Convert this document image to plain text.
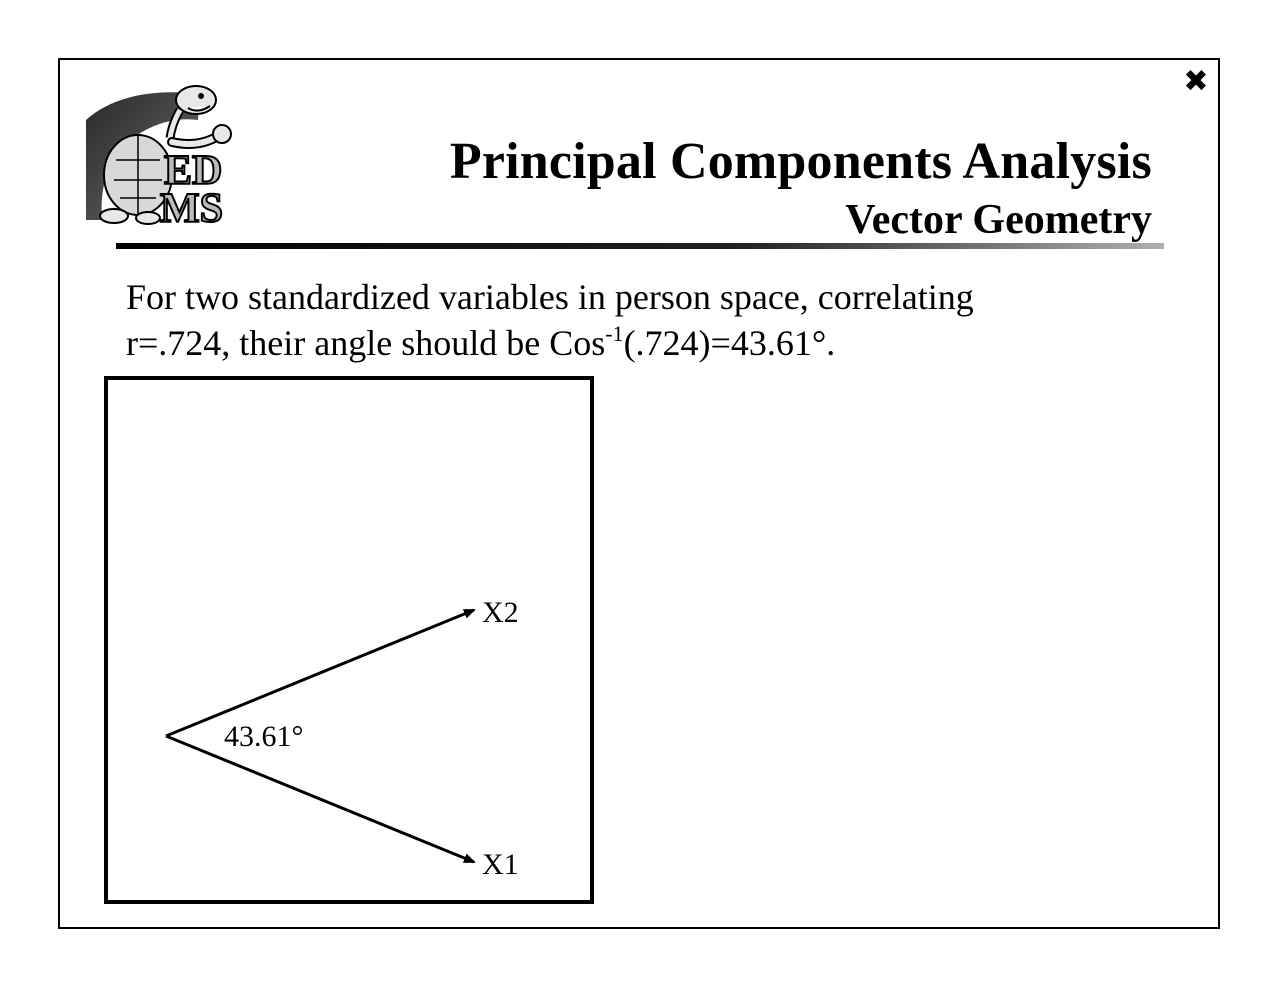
✖
ED
MS
Principal Components Analysis
Vector Geometry
For two standardized variables in person space, correlating
r=.724, their angle should be Cos$^{-1}$(.724)=43.61°.
X2
X1
43.61°
